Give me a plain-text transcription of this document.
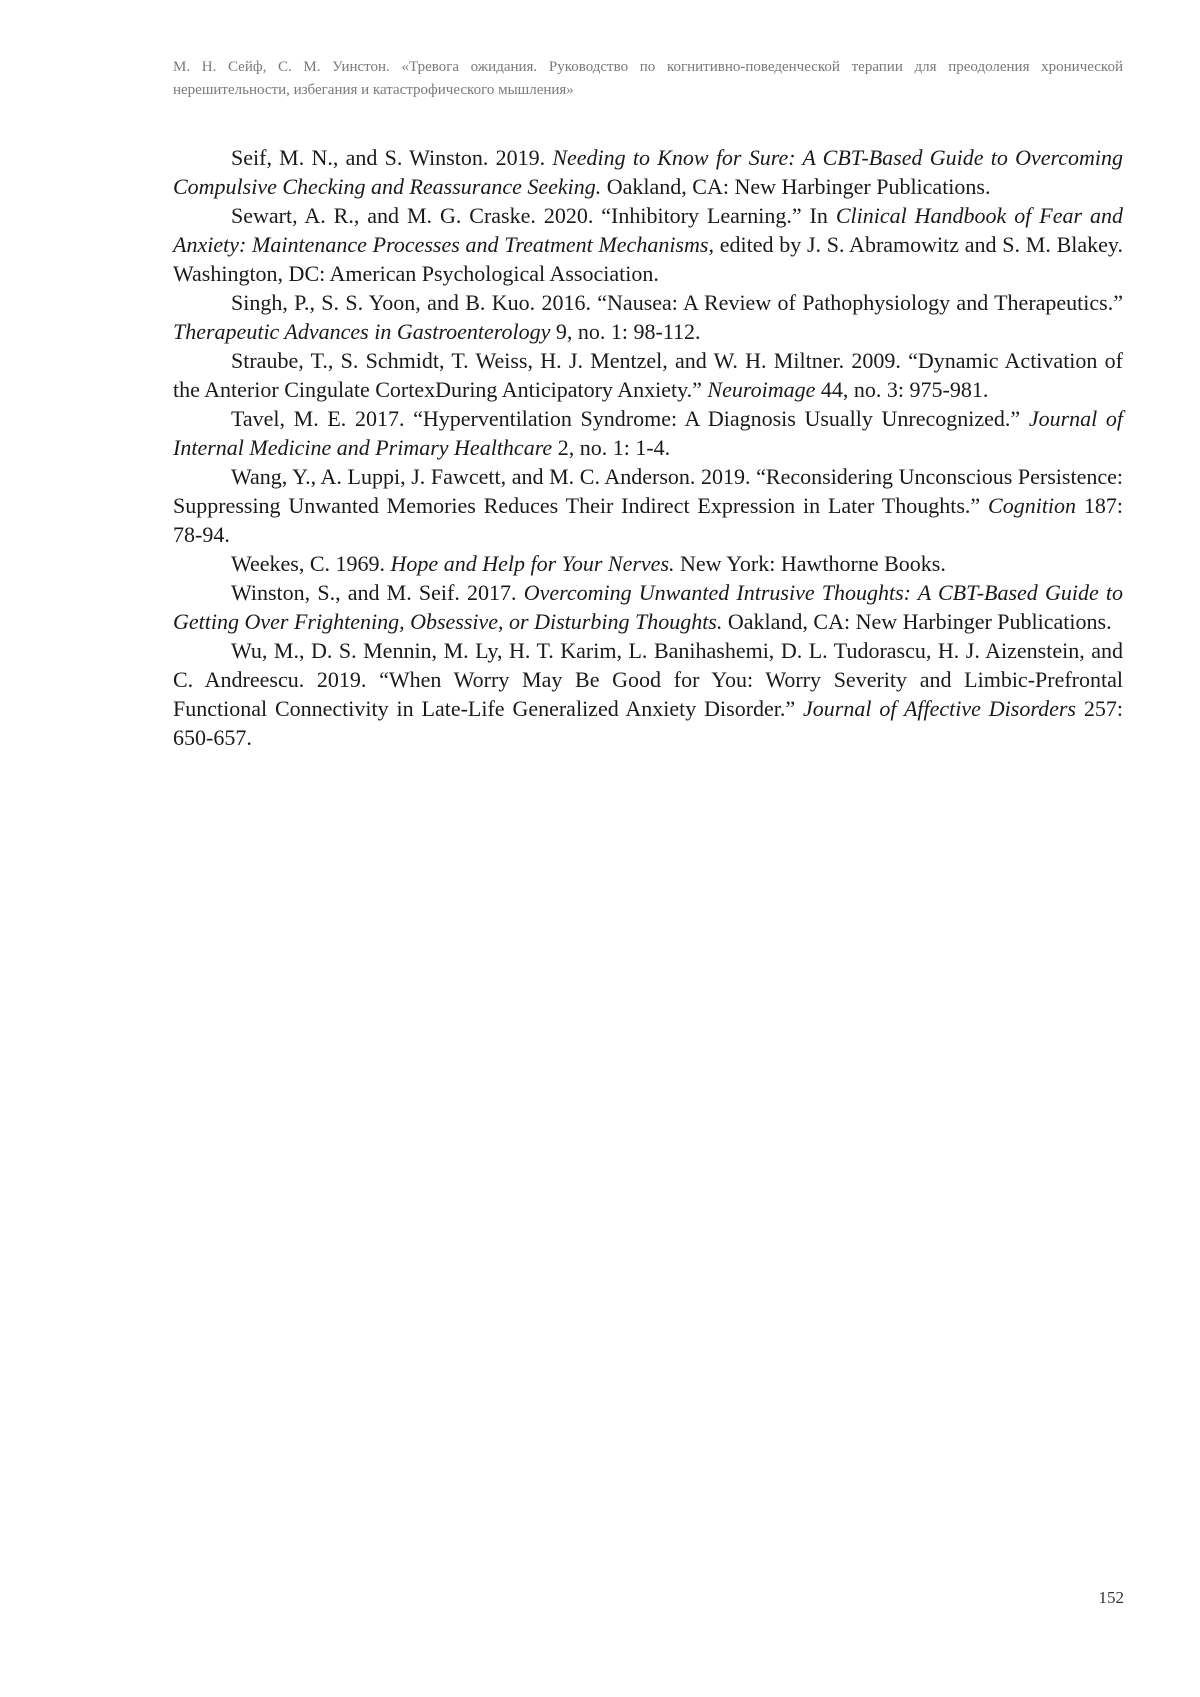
М. Н. Сейф, С. М. Уинстон. «Тревога ожидания. Руководство по когнитивно-поведенческой терапии для преодоления хронической нерешительности, избегания и катастрофического мышления»

Seif, M. N., and S. Winston. 2019. Needing to Know for Sure: A CBT-Based Guide to Overcoming Compulsive Checking and Reassurance Seeking. Oakland, CA: New Harbinger Publications.

Sewart, A. R., and M. G. Craske. 2020. “Inhibitory Learning.” In Clinical Handbook of Fear and Anxiety: Maintenance Processes and Treatment Mechanisms, edited by J. S. Abramowitz and S. M. Blakey. Washington, DC: American Psychological Association.

Singh, P., S. S. Yoon, and B. Kuo. 2016. “Nausea: A Review of Pathophysiology and Therapeutics.” Therapeutic Advances in Gastroenterology 9, no. 1: 98-112.

Straube, T., S. Schmidt, T. Weiss, H. J. Mentzel, and W. H. Miltner. 2009. “Dynamic Activation of the Anterior Cingulate CortexDuring Anticipatory Anxiety.” Neuroimage 44, no. 3: 975-981.

Tavel, M. E. 2017. “Hyperventilation Syndrome: A Diagnosis Usually Unrecognized.” Journal of Internal Medicine and Primary Healthcare 2, no. 1: 1-4.

Wang, Y., A. Luppi, J. Fawcett, and M. C. Anderson. 2019. “Reconsidering Unconscious Persistence: Suppressing Unwanted Memories Reduces Their Indirect Expression in Later Thoughts.” Cognition 187: 78-94.

Weekes, C. 1969. Hope and Help for Your Nerves. New York: Hawthorne Books.

Winston, S., and M. Seif. 2017. Overcoming Unwanted Intrusive Thoughts: A CBT-Based Guide to Getting Over Frightening, Obsessive, or Disturbing Thoughts. Oakland, CA: New Harbinger Publications.

Wu, M., D. S. Mennin, M. Ly, H. T. Karim, L. Banihashemi, D. L. Tudorascu, H. J. Aizenstein, and C. Andreescu. 2019. “When Worry May Be Good for You: Worry Severity and Limbic-Prefrontal Functional Connectivity in Late-Life Generalized Anxiety Disorder.” Journal of Affective Disorders 257: 650-657.

152
